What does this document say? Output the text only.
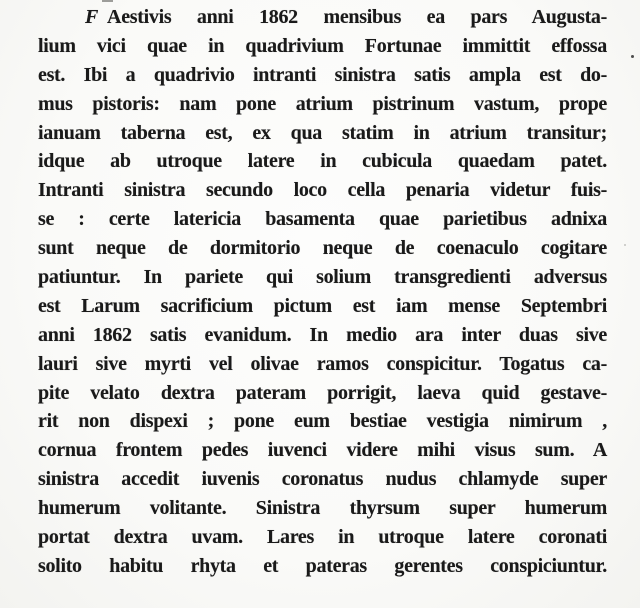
F Aestivis anni 1862 mensibus ea pars Augusta-
lium vici quae in quadrivium Fortunae immittit effossa
est. Ibi a quadrivio intranti sinistra satis ampla est do-
mus pistoris: nam pone atrium pistrinum vastum, prope
ianuam taberna est, ex qua statim in atrium transitur;
idque ab utroque latere in cubicula quaedam patet.
Intranti sinistra secundo loco cella penaria videtur fuis-
se : certe latericia basamenta quae parietibus adnixa
sunt neque de dormitorio neque de coenaculo cogitare
patiuntur. In pariete qui solium transgredienti adversus
est Larum sacrificium pictum est iam mense Septembri
anni 1862 satis evanidum. In medio ara inter duas sive
lauri sive myrti vel olivae ramos conspicitur. Togatus ca-
pite velato dextra pateram porrigit, laeva quid gestave-
rit non dispexi ; pone eum bestiae vestigia nimirum ,
cornua frontem pedes iuvenci videre mihi visus sum. A
sinistra accedit iuvenis coronatus nudus chlamyde super
humerum volitante. Sinistra thyrsum super humerum
portat dextra uvam. Lares in utroque latere coronati
solito habitu rhyta et pateras gerentes conspiciuntur.
